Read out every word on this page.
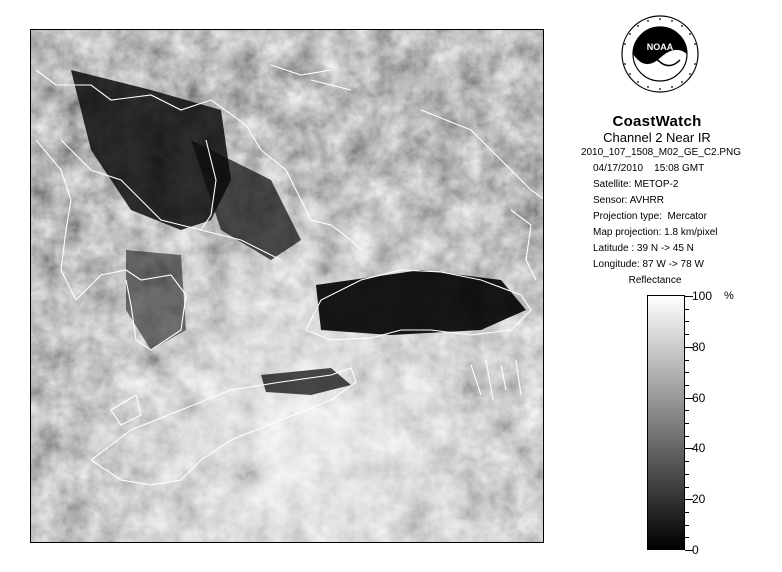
NOAA
CoastWatch
Channel 2 Near IR
2010_107_1508_M02_GE_C2.PNG
04/17/2010    15:08 GMT
Satellite: METOP-2
Sensor: AVHRR
Projection type:  Mercator
Map projection: 1.8 km/pixel
Latitude : 39 N -> 45 N
Longitude: 87 W -> 78 W
Reflectance
%
100
80
60
40
20
0
